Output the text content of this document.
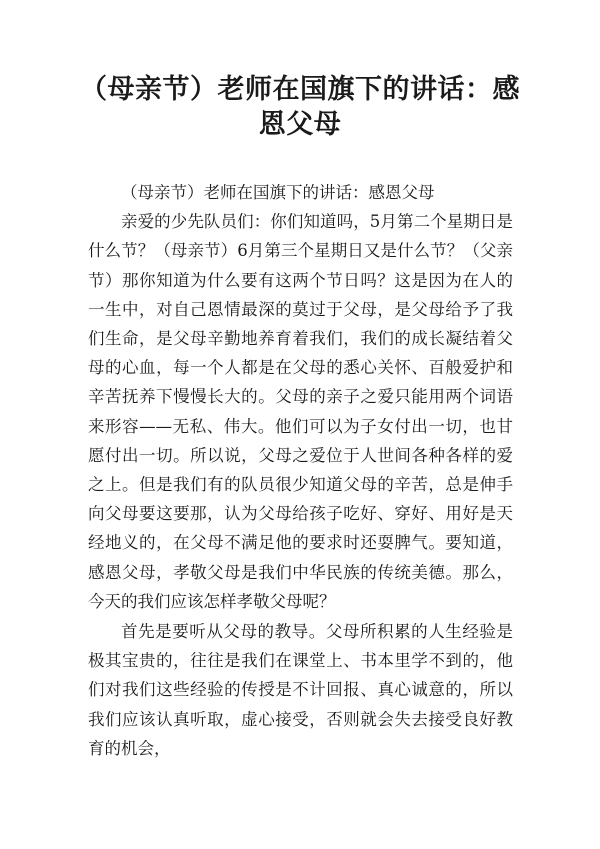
（母亲节）老师在国旗下的讲话：感恩父母

（母亲节）老师在国旗下的讲话：感恩父母

亲爱的少先队员们：你们知道吗，5月第二个星期日是什么节？（母亲节）6月第三个星期日又是什么节？（父亲节）那你知道为什么要有这两个节日吗？这是因为在人的一生中，对自己恩情最深的莫过于父母，是父母给予了我们生命，是父母辛勤地养育着我们，我们的成长凝结着父母的心血，每一个人都是在父母的悉心关怀、百般爱护和辛苦抚养下慢慢长大的。父母的亲子之爱只能用两个词语来形容——无私、伟大。他们可以为子女付出一切，也甘愿付出一切。所以说，父母之爱位于人世间各种各样的爱之上。但是我们有的队员很少知道父母的辛苦，总是伸手向父母要这要那，认为父母给孩子吃好、穿好、用好是天经地义的，在父母不满足他的要求时还耍脾气。要知道，感恩父母，孝敬父母是我们中华民族的传统美德。那么，今天的我们应该怎样孝敬父母呢？

首先是要听从父母的教导。父母所积累的人生经验是极其宝贵的，往往是我们在课堂上、书本里学不到的，他们对我们这些经验的传授是不计回报、真心诚意的，所以我们应该认真听取，虚心接受，否则就会失去接受良好教育的机会，
